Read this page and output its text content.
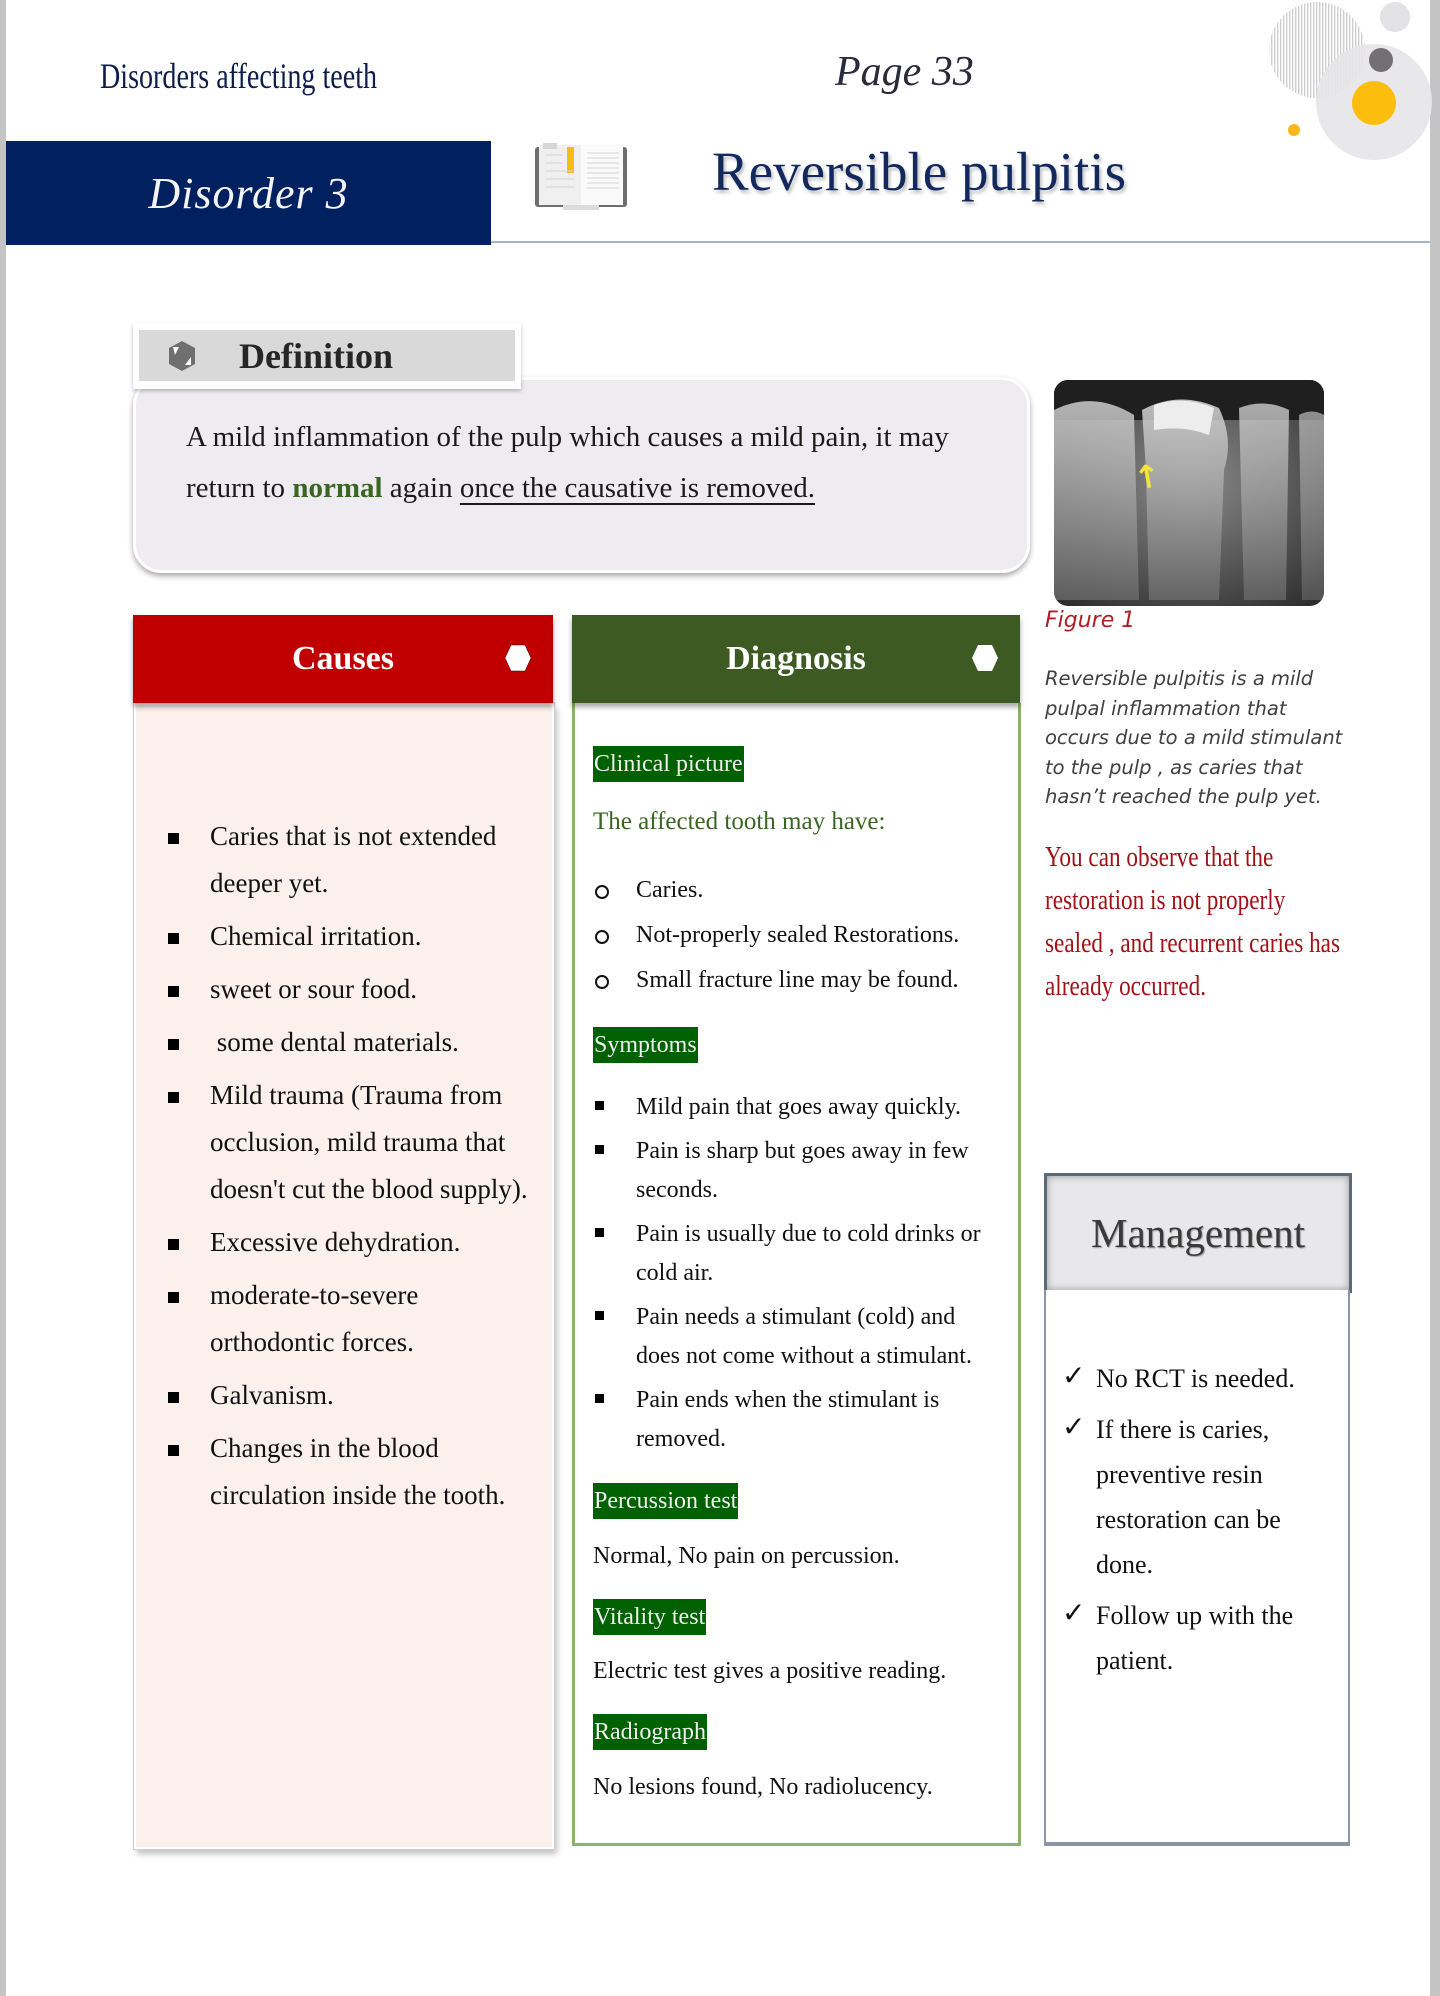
Disorders affecting teeth
Disorder 3
Page 33
Reversible pulpitis
A mild inflammation of the pulp which causes a mild pain, it may return to normal again once the causative is removed.
Definition
↑
Figure 1
Reversible pulpitis is a mild pulpal inflammation that occurs due to a mild stimulant to the pulp , as caries that hasn’t reached the pulp yet.
You can observe that the restoration is not properly sealed , and recurrent caries has already occurred.
Causes
Caries that is not extended deeper yet.
Chemical irritation.
sweet or sour food.
some dental materials.
Mild trauma (Trauma from occlusion, mild trauma that doesn't cut the blood supply).
Excessive dehydration.
moderate-to-severe orthodontic forces.
Galvanism.
Changes in the blood circulation inside the tooth.
Diagnosis
Clinical picture
The affected tooth may have:
Caries.
Not-properly sealed Restorations.
Small fracture line may be found.
Symptoms
Mild pain that goes away quickly.
Pain is sharp but goes away in few seconds.
Pain is usually due to cold drinks or cold air.
Pain needs a stimulant (cold) and does not come without a stimulant.
Pain ends when the stimulant is removed.
Percussion test
Normal, No pain on percussion.
Vitality test
Electric test gives a positive reading.
Radiograph
No lesions found, No radiolucency.
Management
✓ No RCT is needed.
✓ If there is caries, preventive resin restoration can be done.
✓ Follow up with the patient.
